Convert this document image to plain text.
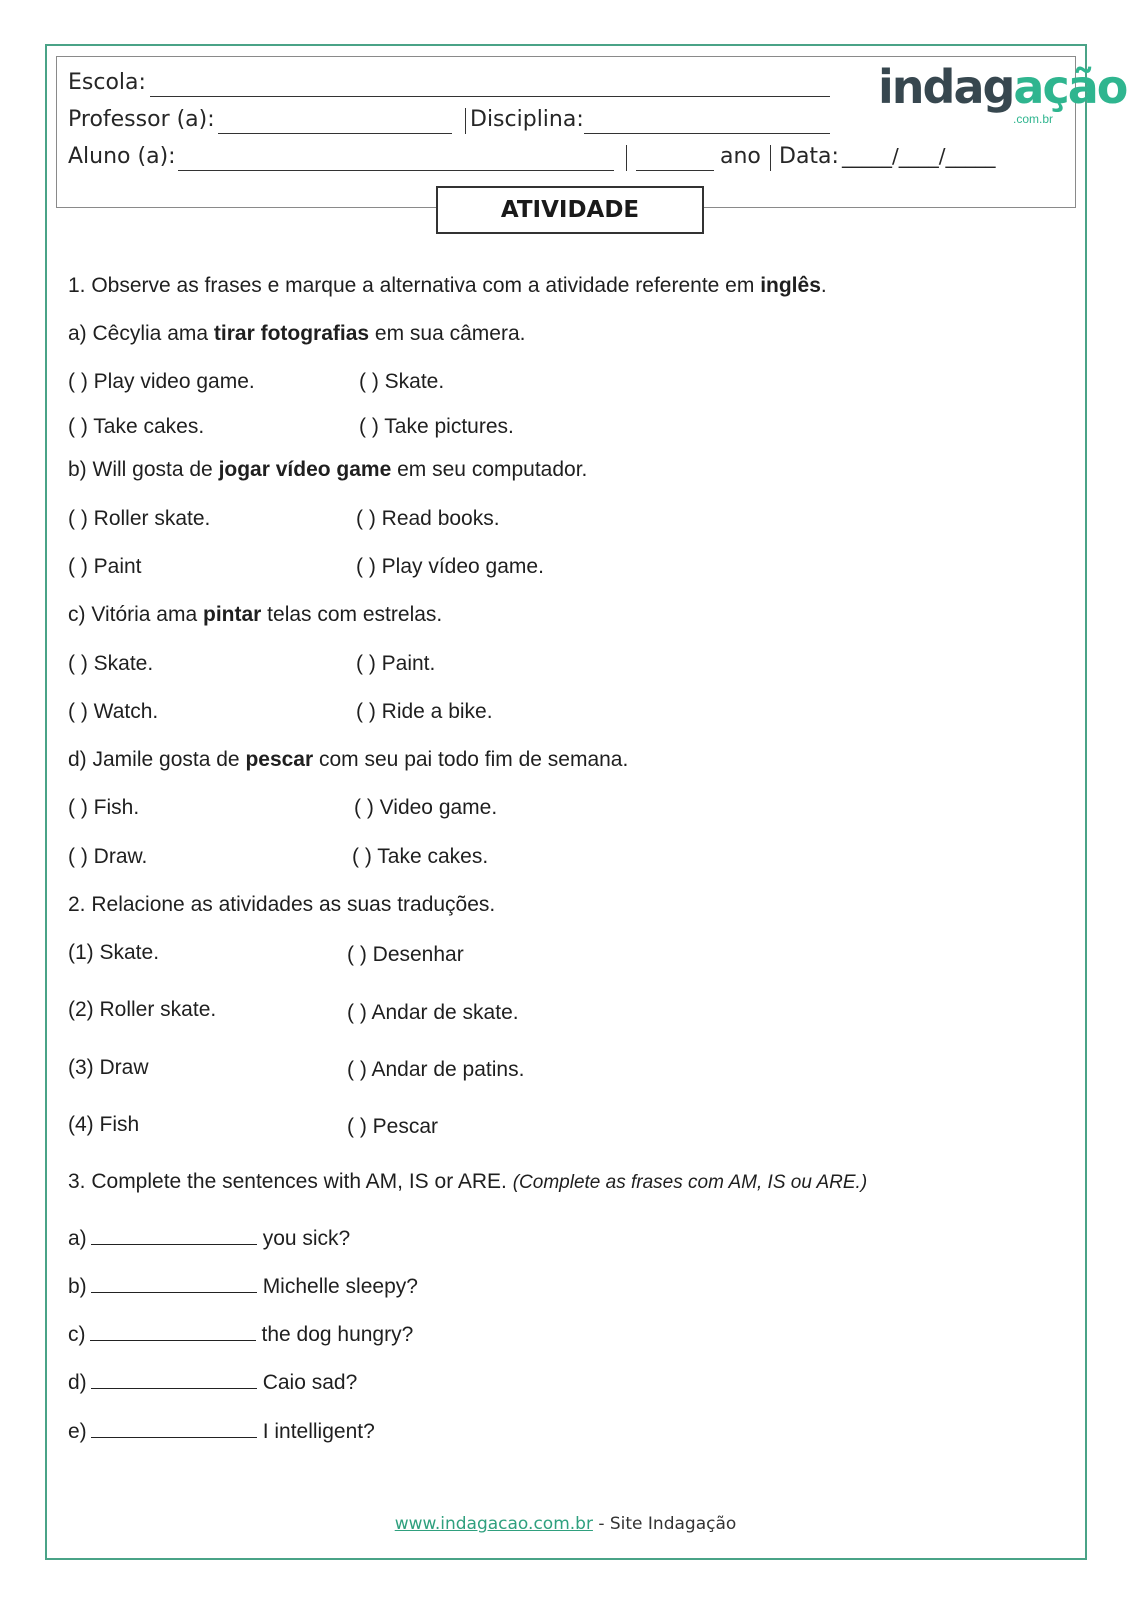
Escola:
Professor (a):	Disciplina:
Aluno (a):	ano Data: _____/____/_____
indagação
.com.br
ATIVIDADE
1. Observe as frases e marque a alternativa com a atividade referente em inglês.
a) Cêcylia ama tirar fotografias em sua câmera.
( ) Play video game.	( ) Skate.
( ) Take cakes.	( ) Take pictures.
b) Will gosta de jogar vídeo game em seu computador.
( ) Roller skate.	( ) Read books.
( ) Paint	( ) Play vídeo game.
c) Vitória ama pintar telas com estrelas.
( ) Skate.	( ) Paint.
( ) Watch.	( ) Ride a bike.
d) Jamile gosta de pescar com seu pai todo fim de semana.
( ) Fish.	( ) Video game.
( ) Draw.	( ) Take cakes.
2. Relacione as atividades as suas traduções.
(1) Skate.	( ) Desenhar
(2) Roller skate.	( ) Andar de skate.
(3) Draw	( ) Andar de patins.
(4) Fish	( ) Pescar
3. Complete the sentences with AM, IS or ARE. (Complete as frases com AM, IS ou ARE.)
a)	you sick?
b)	Michelle sleepy?
c)	the dog hungry?
d)	Caio sad?
e)	I intelligent?
www.indagacao.com.br - Site Indagação
